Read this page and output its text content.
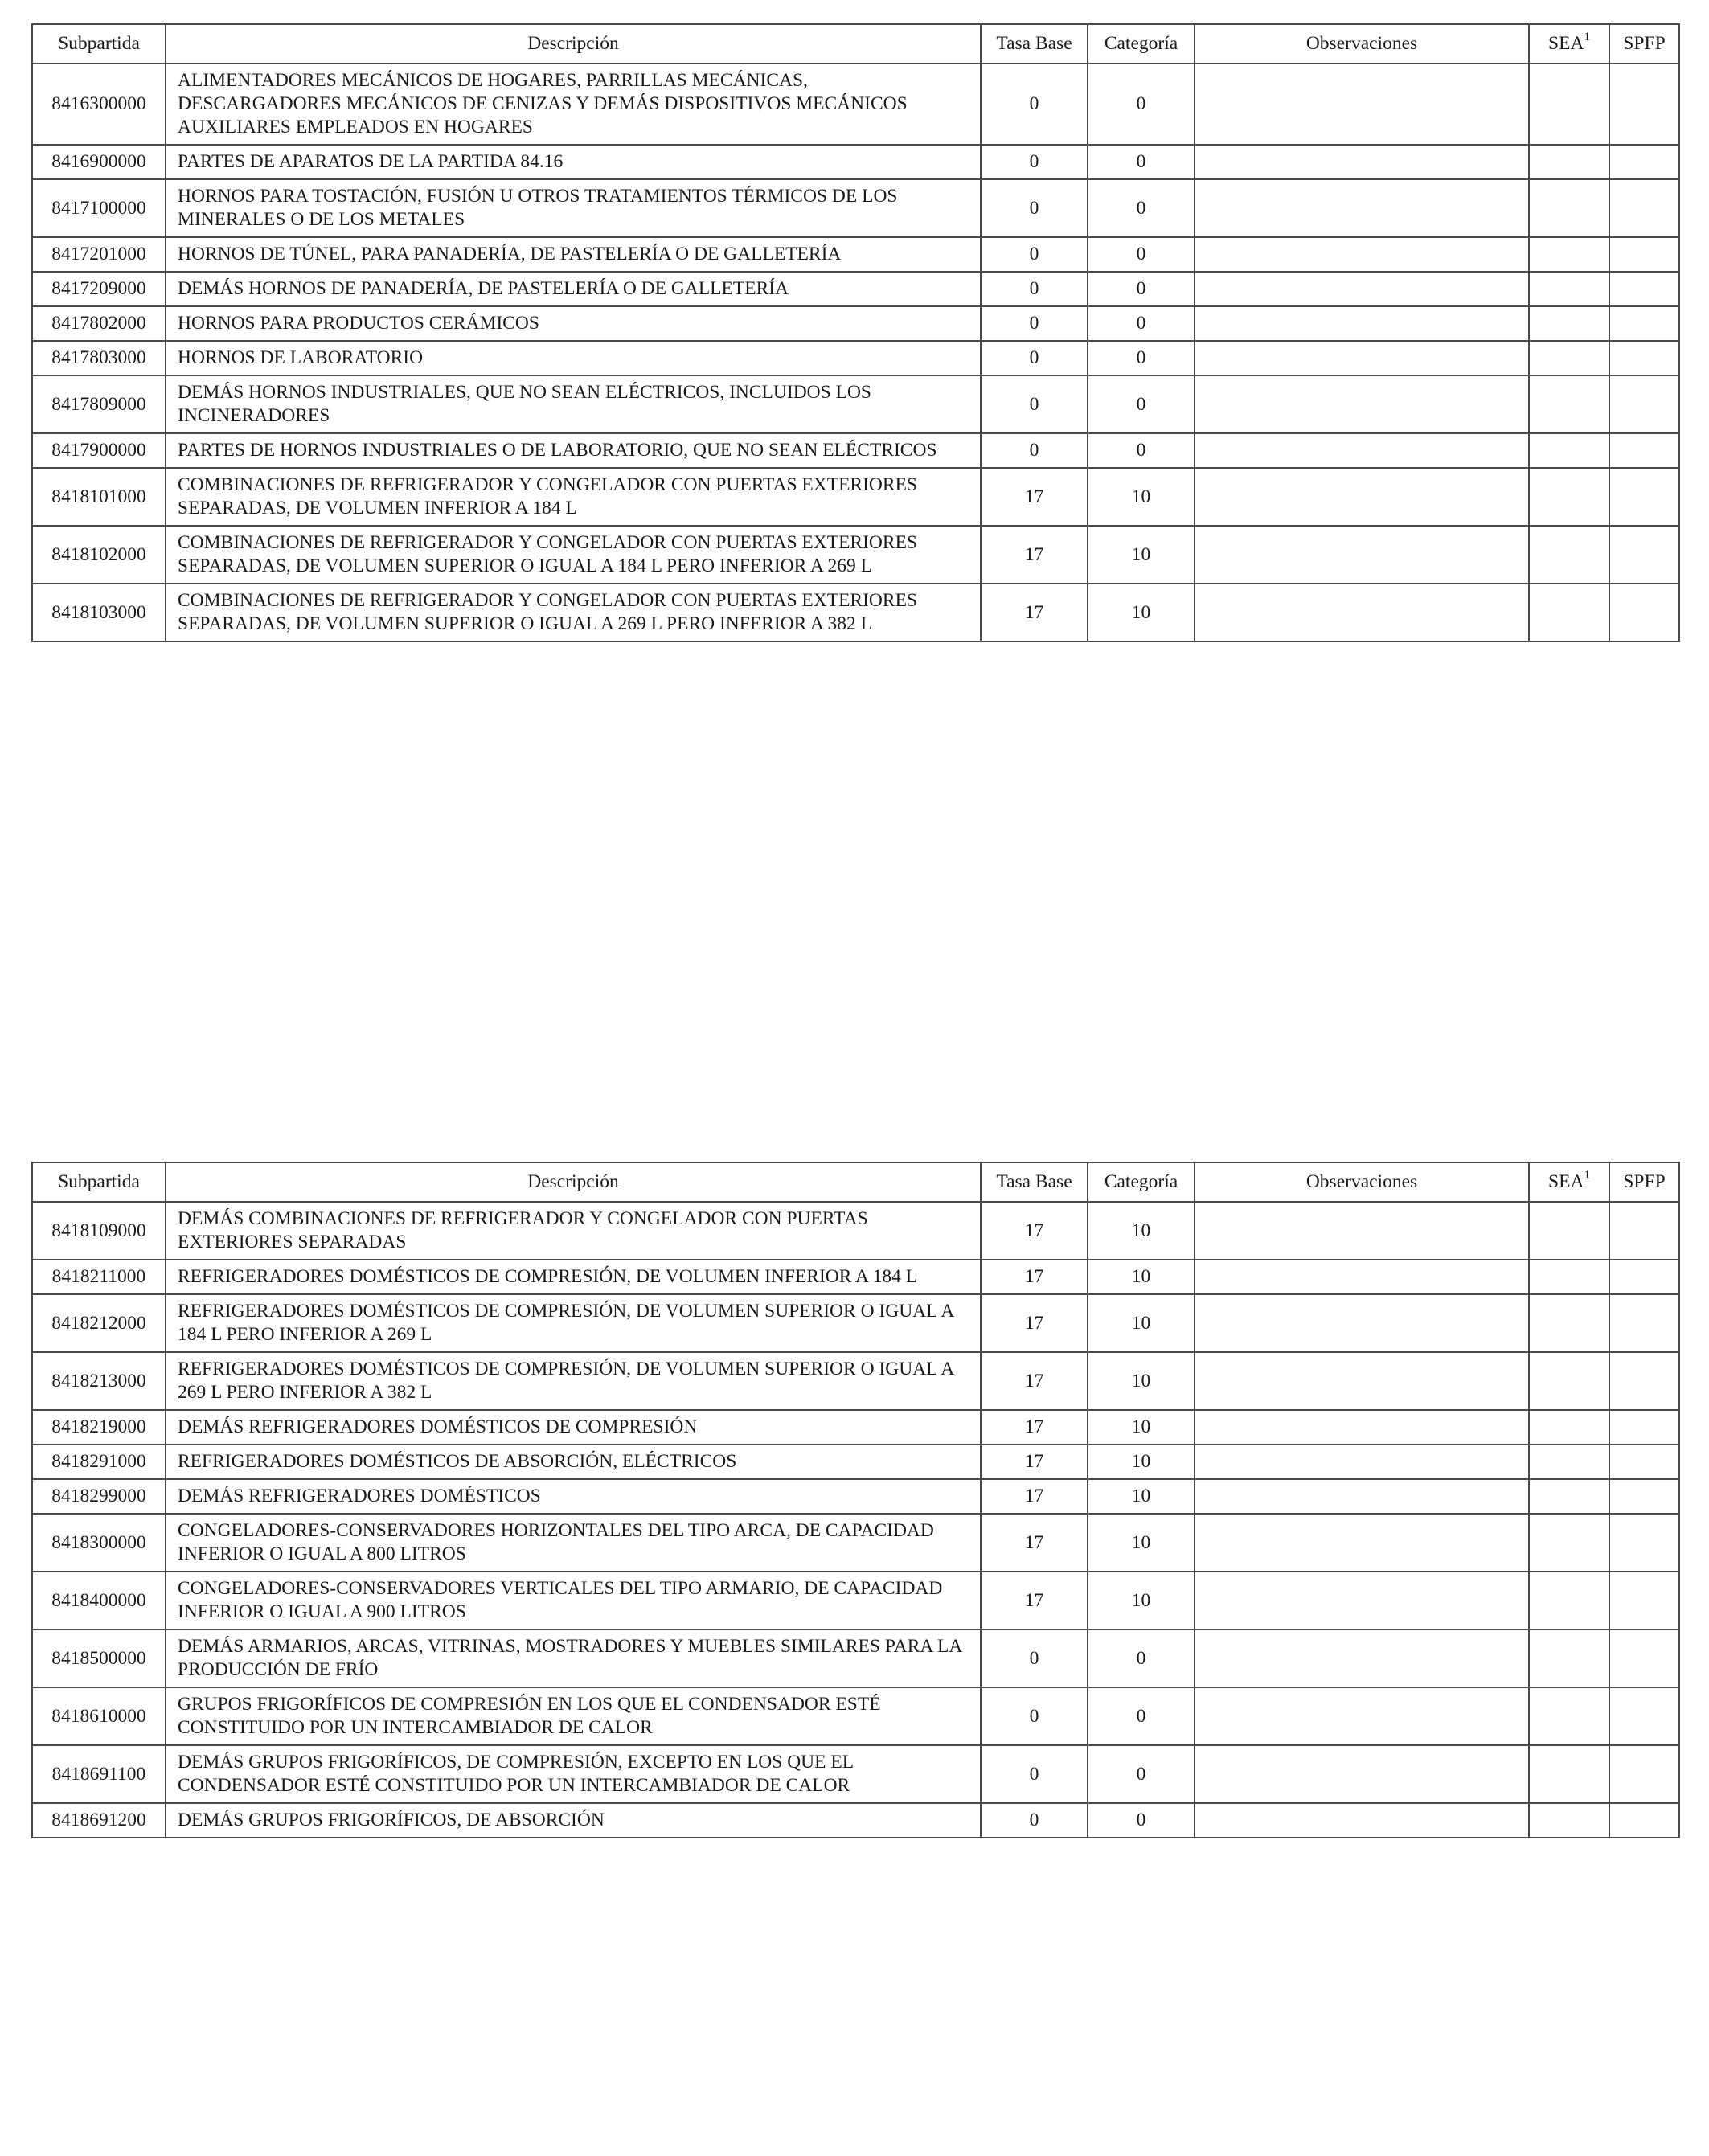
Subpartida	Descripción	Tasa Base	Categoría	Observaciones	SEA$^1$	SPFP
8416300000	ALIMENTADORES MECÁNICOS DE HOGARES, PARRILLAS MECÁNICAS, DESCARGADORES MECÁNICOS DE CENIZAS Y DEMÁS DISPOSITIVOS MECÁNICOS AUXILIARES EMPLEADOS EN HOGARES	0	0			
8416900000	PARTES DE APARATOS DE LA PARTIDA 84.16	0	0			
8417100000	HORNOS PARA TOSTACIÓN, FUSIÓN U OTROS TRATAMIENTOS TÉRMICOS DE LOS MINERALES O DE LOS METALES	0	0			
8417201000	HORNOS DE TÚNEL, PARA PANADERÍA, DE PASTELERÍA O DE GALLETERÍA	0	0			
8417209000	DEMÁS HORNOS DE PANADERÍA, DE PASTELERÍA O DE GALLETERÍA	0	0			
8417802000	HORNOS PARA PRODUCTOS CERÁMICOS	0	0			
8417803000	HORNOS DE LABORATORIO	0	0			
8417809000	DEMÁS HORNOS INDUSTRIALES, QUE NO SEAN ELÉCTRICOS, INCLUIDOS LOS INCINERADORES	0	0			
8417900000	PARTES DE HORNOS INDUSTRIALES O DE LABORATORIO, QUE NO SEAN ELÉCTRICOS	0	0			
8418101000	COMBINACIONES DE REFRIGERADOR Y CONGELADOR CON PUERTAS EXTERIORES SEPARADAS, DE VOLUMEN INFERIOR A 184 L	17	10			
8418102000	COMBINACIONES DE REFRIGERADOR Y CONGELADOR CON PUERTAS EXTERIORES SEPARADAS, DE VOLUMEN SUPERIOR O IGUAL A 184 L PERO INFERIOR A 269 L	17	10			
8418103000	COMBINACIONES DE REFRIGERADOR Y CONGELADOR CON PUERTAS EXTERIORES SEPARADAS, DE VOLUMEN SUPERIOR O IGUAL A 269 L PERO INFERIOR A 382 L	17	10			
Subpartida	Descripción	Tasa Base	Categoría	Observaciones	SEA$^1$	SPFP
8418109000	DEMÁS COMBINACIONES DE REFRIGERADOR Y CONGELADOR CON PUERTAS EXTERIORES SEPARADAS	17	10			
8418211000	REFRIGERADORES DOMÉSTICOS DE COMPRESIÓN, DE VOLUMEN INFERIOR A 184 L	17	10			
8418212000	REFRIGERADORES DOMÉSTICOS DE COMPRESIÓN, DE VOLUMEN SUPERIOR O IGUAL A 184 L PERO INFERIOR A 269 L	17	10			
8418213000	REFRIGERADORES DOMÉSTICOS DE COMPRESIÓN, DE VOLUMEN SUPERIOR O IGUAL A 269 L PERO INFERIOR A 382 L	17	10			
8418219000	DEMÁS REFRIGERADORES DOMÉSTICOS DE COMPRESIÓN	17	10			
8418291000	REFRIGERADORES DOMÉSTICOS DE ABSORCIÓN, ELÉCTRICOS	17	10			
8418299000	DEMÁS REFRIGERADORES DOMÉSTICOS	17	10			
8418300000	CONGELADORES-CONSERVADORES HORIZONTALES DEL TIPO ARCA, DE CAPACIDAD INFERIOR O IGUAL A 800 LITROS	17	10			
8418400000	CONGELADORES-CONSERVADORES VERTICALES DEL TIPO ARMARIO, DE CAPACIDAD INFERIOR O IGUAL A 900 LITROS	17	10			
8418500000	DEMÁS ARMARIOS, ARCAS, VITRINAS, MOSTRADORES Y MUEBLES SIMILARES PARA LA PRODUCCIÓN DE FRÍO	0	0			
8418610000	GRUPOS FRIGORÍFICOS DE COMPRESIÓN EN LOS QUE EL CONDENSADOR ESTÉ CONSTITUIDO POR UN INTERCAMBIADOR DE CALOR	0	0			
8418691100	DEMÁS GRUPOS FRIGORÍFICOS, DE COMPRESIÓN, EXCEPTO EN LOS QUE EL CONDENSADOR ESTÉ CONSTITUIDO POR UN INTERCAMBIADOR DE CALOR	0	0			
8418691200	DEMÁS GRUPOS FRIGORÍFICOS, DE ABSORCIÓN	0	0			
